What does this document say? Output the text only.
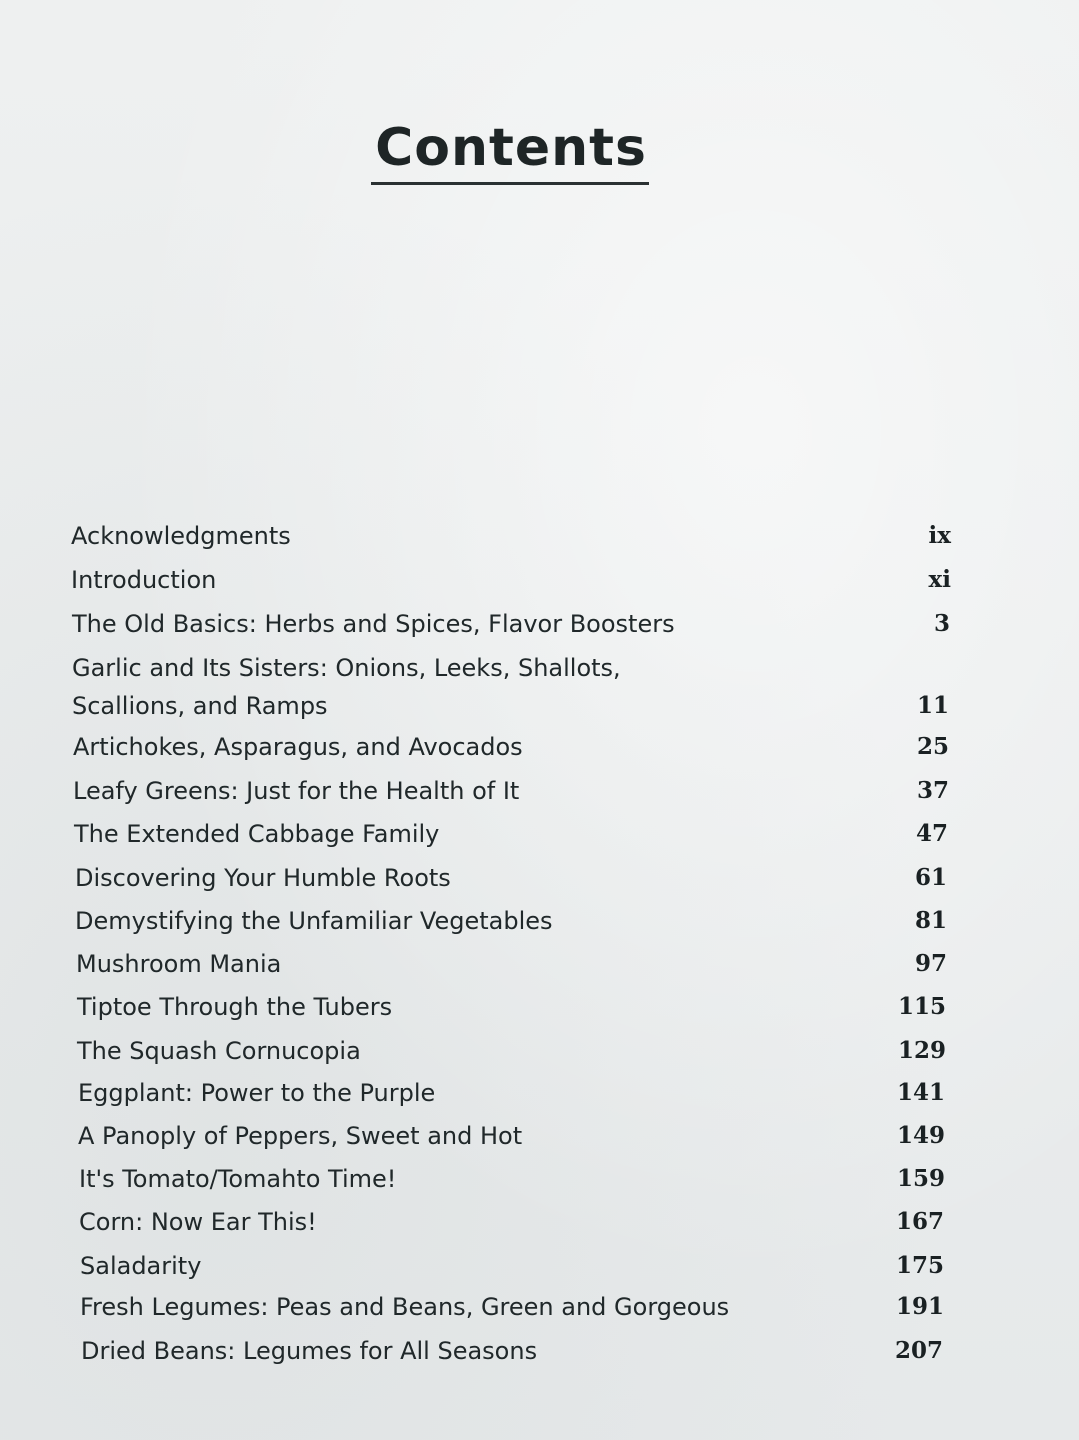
Contents
Acknowledgments	ix
Introduction	xi
The Old Basics: Herbs and Spices, Flavor Boosters	3
Garlic and Its Sisters: Onions, Leeks, Shallots, Scallions, and Ramps	11
Artichokes, Asparagus, and Avocados	25
Leafy Greens: Just for the Health of It	37
The Extended Cabbage Family	47
Discovering Your Humble Roots	61
Demystifying the Unfamiliar Vegetables	81
Mushroom Mania	97
Tiptoe Through the Tubers	115
The Squash Cornucopia	129
Eggplant: Power to the Purple	141
A Panoply of Peppers, Sweet and Hot	149
It's Tomato/Tomahto Time!	159
Corn: Now Ear This!	167
Saladarity	175
Fresh Legumes: Peas and Beans, Green and Gorgeous	191
Dried Beans: Legumes for All Seasons	207
